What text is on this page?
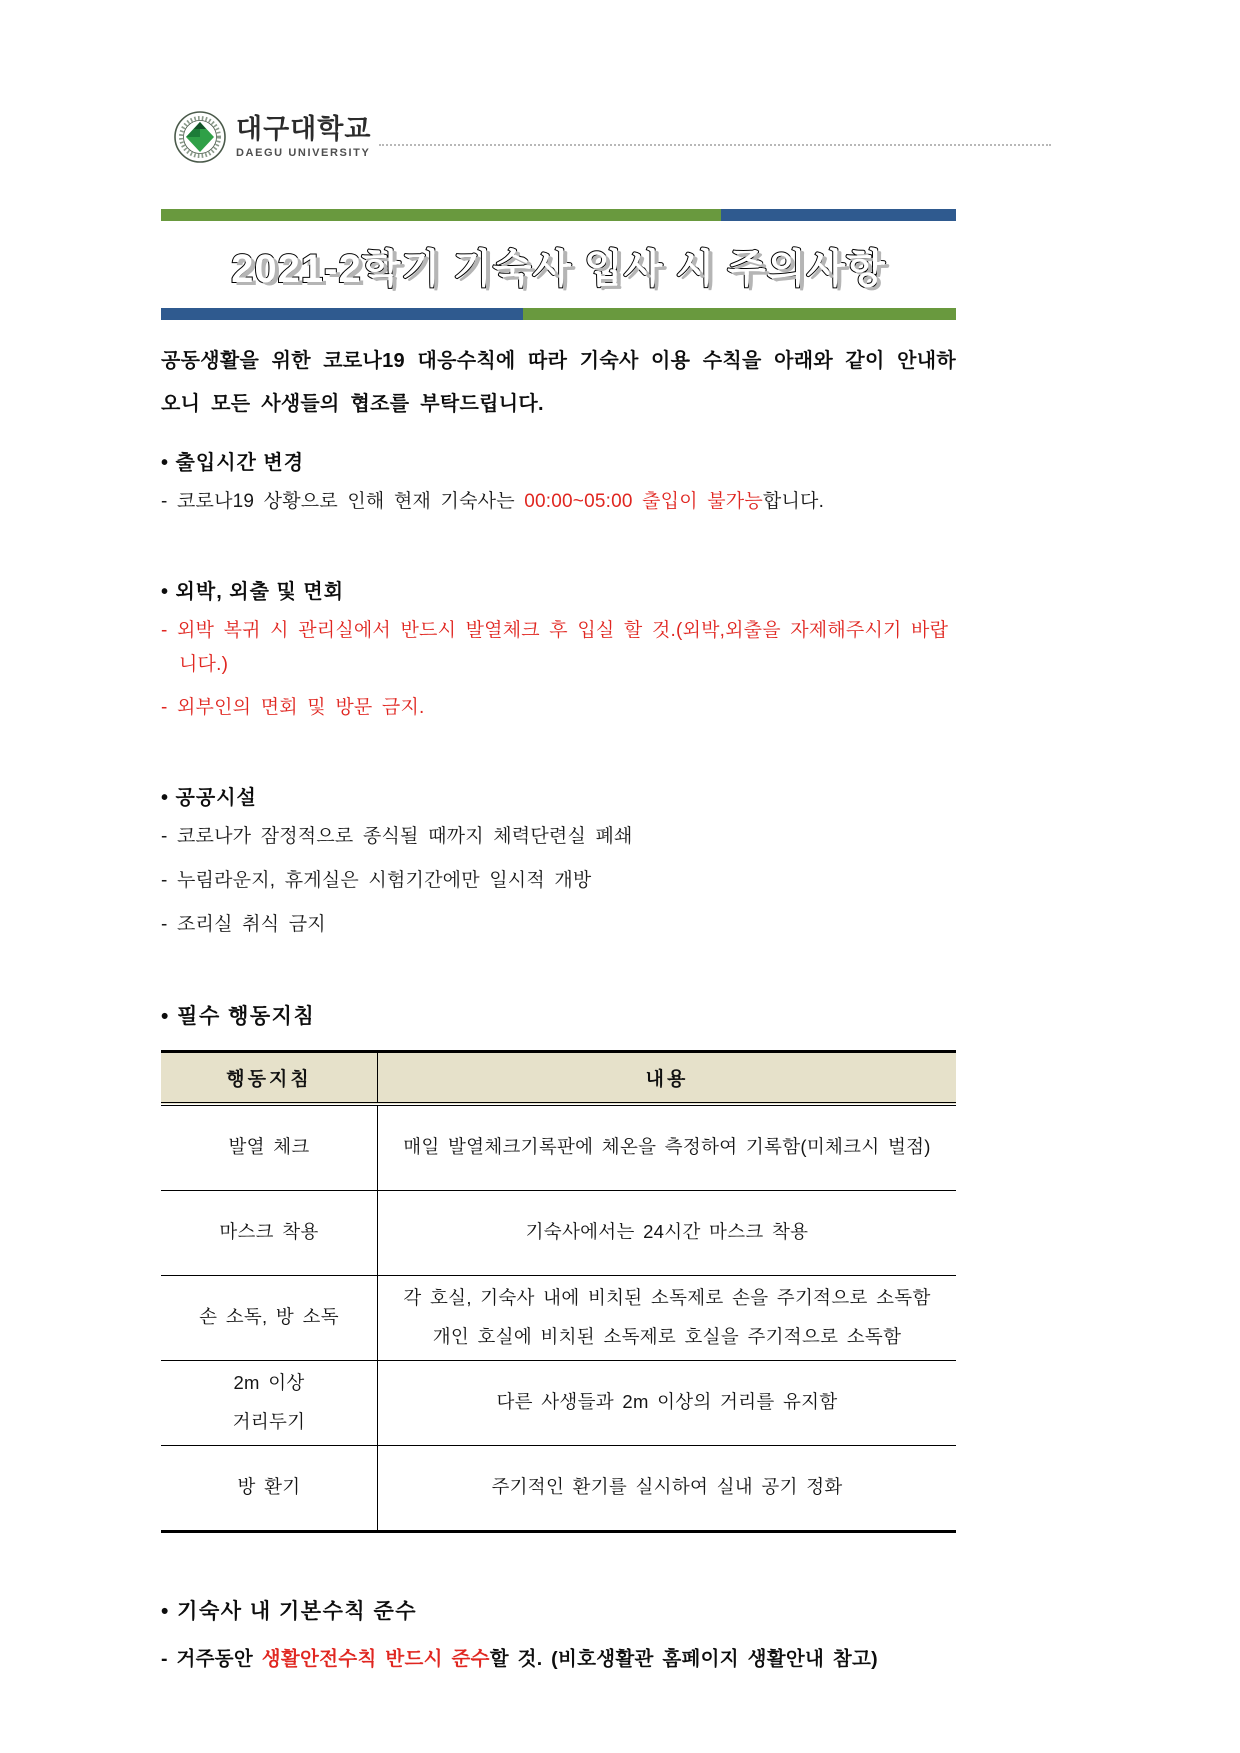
대구대학교
DAEGU UNIVERSITY
2021-2학기 기숙사 입사 시 주의사항

공동생활을 위한 코로나19 대응수칙에 따라 기숙사 이용 수칙을 아래와 같이 안내하오니 모든 사생들의 협조를 부탁드립니다.

• 출입시간 변경
- 코로나19 상황으로 인해 현재 기숙사는 00:00~05:00 출입이 불가능합니다.
• 외박, 외출 및 면회
- 외박 복귀 시 관리실에서 반드시 발열체크 후 입실 할 것.(외박,외출을 자제해주시기 바랍니다.)
- 외부인의 면회 및 방문 금지.
• 공공시설
- 코로나가 잠정적으로 종식될 때까지 체력단련실 폐쇄
- 누림라운지, 휴게실은 시험기간에만 일시적 개방
- 조리실 취식 금지
• 필수 행동지침
행동지침	내용

발열 체크	매일 발열체크기록판에 체온을 측정하여 기록함(미체크시 벌점)

마스크 착용	기숙사에서는 24시간 마스크 착용

손 소독, 방 소독	각 호실, 기숙사 내에 비치된 소독제로 손을 주기적으로 소독함
개인 호실에 비치된 소독제로 호실을 주기적으로 소독함

2m 이상
거리두기	다른 사생들과 2m 이상의 거리를 유지함

방 환기	주기적인 환기를 실시하여 실내 공기 정화
• 기숙사 내 기본수칙 준수
- 거주동안 생활안전수칙 반드시 준수할 것. (비호생활관 홈페이지 생활안내 참고)
